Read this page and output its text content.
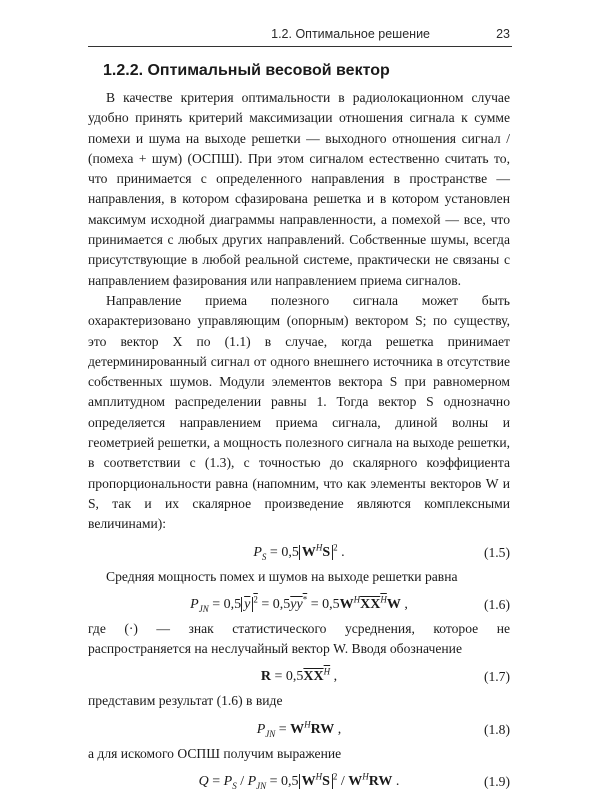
1.2. Оптимальное решение	23
1.2.2. Оптимальный весовой вектор

В качестве критерия оптимальности в радиолокационном случае удобно принять критерий максимизации отношения сигнала к сумме помехи и шума на выходе решетки — выходного отношения сигнал / (помеха + шум) (ОСПШ). При этом сигналом естественно считать то, что принимается с определенного направления в пространстве — направления, в котором сфазирована решетка и в котором установлен максимум исходной диаграммы направленности, а помехой — все, что принимается с любых других направлений. Собственные шумы, всегда присутствующие в любой реальной системе, практически не связаны с направлением фазирования или направлением приема сигналов.

Направление приема полезного сигнала может быть охарактеризовано управляющим (опорным) вектором S; по существу, это вектор X по (1.1) в случае, когда решетка принимает детерминированный сигнал от одного внешнего источника в отсутствие собственных шумов. Модули элементов вектора S при равномерном амплитудном распределении равны 1. Тогда вектор S однозначно определяется направлением приема сигнала, длиной волны и геометрией решетки, а мощность полезного сигнала на выходе решетки, в соответствии с (1.3), с точностью до скалярного коэффициента пропорциональности равна (напомним, что как элементы векторов W и S, так и их скалярное произведение являются комплексными величинами):

$P_S = 0,5$ $W^HS$ $^2$ .	(1.5)

Средняя мощность помех и шумов на выходе решетки равна

$P_{JN} = 0,5$ y $^2 = 0,5yy^* = 0,5W^HXX^HW$ ,	(1.6)

где (·) — знак статистического усреднения, которое не распространяется на неслучайный вектор W. Вводя обозначение

$R = 0,5XX^H$ ,	(1.7)

представим результат (1.6) в виде

$P_{JN} = W^HRW$ ,	(1.8)

а для искомого ОСПШ получим выражение

$Q = P_S / P_{JN} = 0,5$ $W^HS$ $^2 / W^HRW$ .	(1.9)
